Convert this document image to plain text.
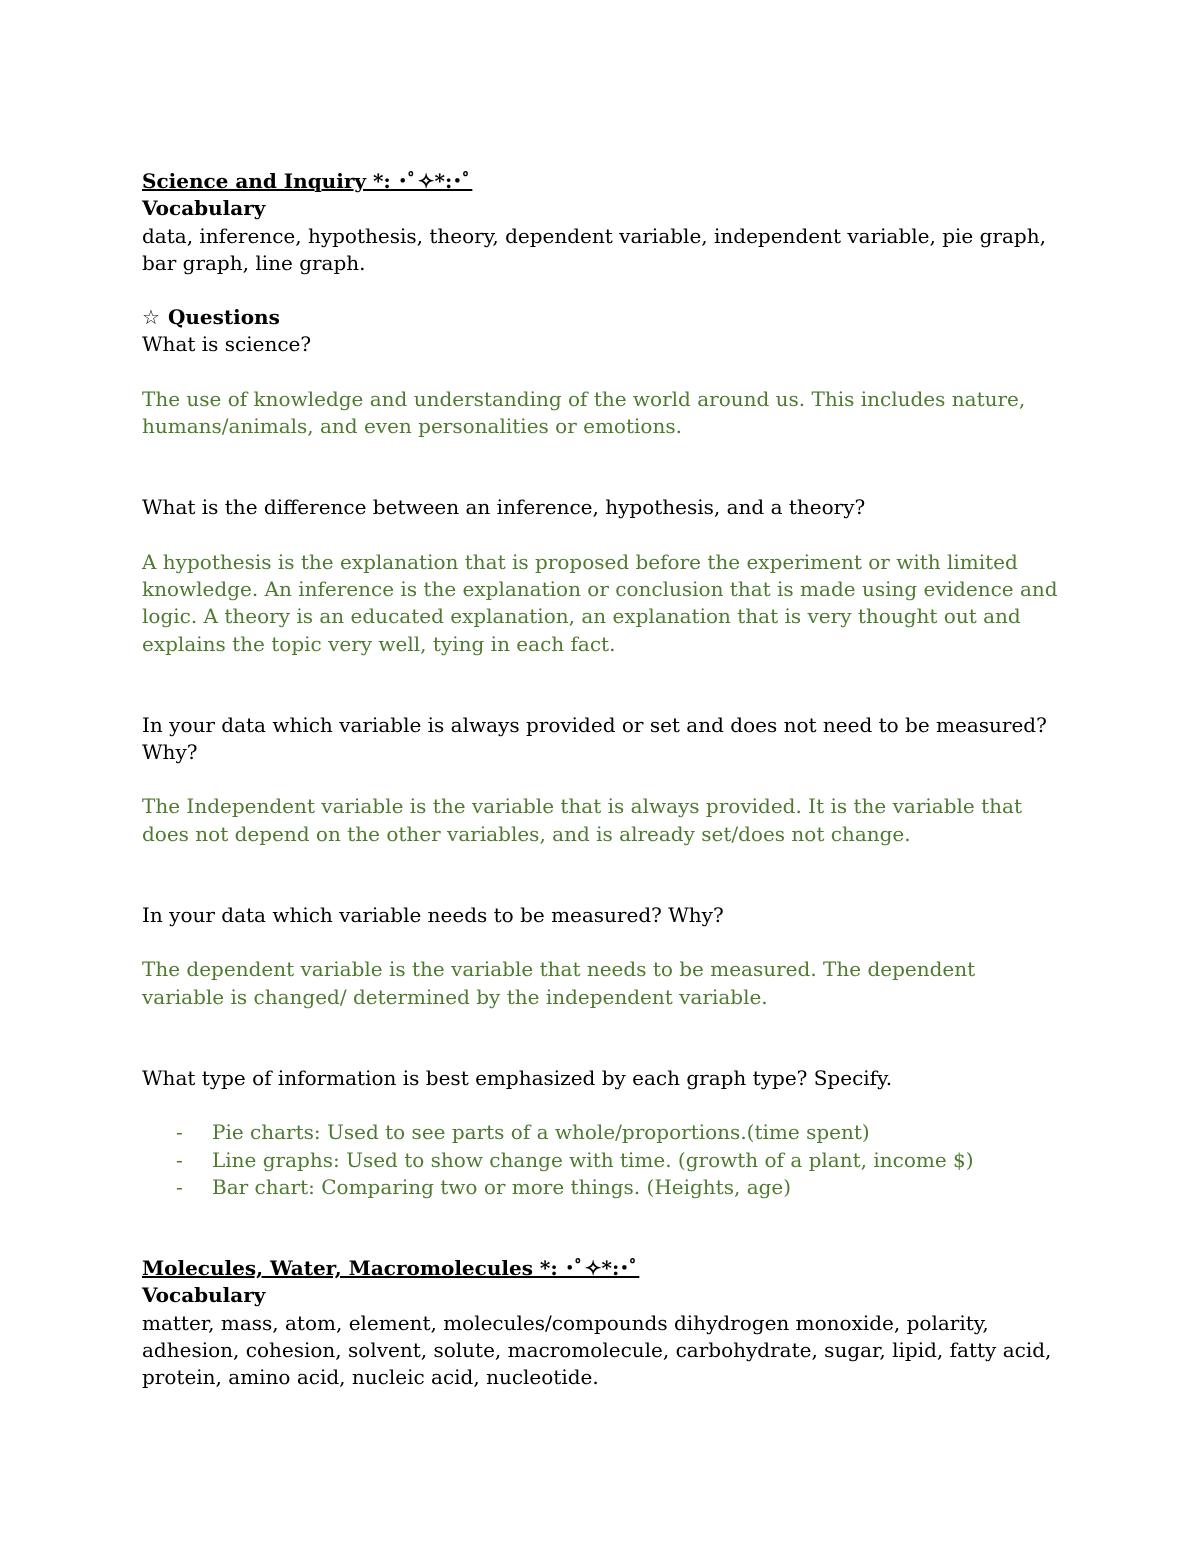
Science and Inquiry *: ･ﾟ✧*:･ﾟ
Vocabulary
data, inference, hypothesis, theory, dependent variable, independent variable, pie graph, bar graph, line graph.
☆ Questions
What is science?
The use of knowledge and understanding of the world around us. This includes nature, humans/animals, and even personalities or emotions.
What is the difference between an inference, hypothesis, and a theory?
A hypothesis is the explanation that is proposed before the experiment or with limited knowledge. An inference is the explanation or conclusion that is made using evidence and logic. A theory is an educated explanation, an explanation that is very thought out and explains the topic very well, tying in each fact.
In your data which variable is always provided or set and does not need to be measured? Why?
The Independent variable is the variable that is always provided. It is the variable that does not depend on the other variables, and is already set/does not change.
In your data which variable needs to be measured? Why?
The dependent variable is the variable that needs to be measured. The dependent variable is changed/ determined by the independent variable.
What type of information is best emphasized by each graph type? Specify.
- Pie charts: Used to see parts of a whole/proportions.(time spent)
- Line graphs: Used to show change with time. (growth of a plant, income $)
- Bar chart: Comparing two or more things. (Heights, age)
Molecules, Water, Macromolecules *: ･ﾟ✧*:･ﾟ
Vocabulary
matter, mass, atom, element, molecules/compounds dihydrogen monoxide, polarity, adhesion, cohesion, solvent, solute, macromolecule, carbohydrate, sugar, lipid, fatty acid, protein, amino acid, nucleic acid, nucleotide.
